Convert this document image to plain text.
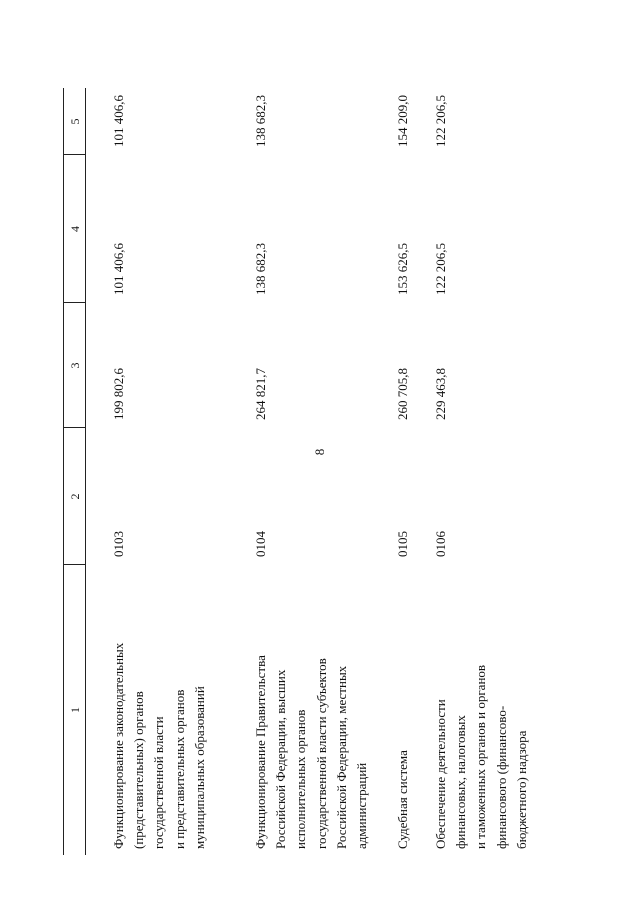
8
1
2
3
4
5
Функционирование законодательных (представительных) органов государственной власти и представительных органов муниципальных образований
0103
199 802,6
101 406,6
101 406,6
Функционирование Правительства Российской Федерации, высших исполнительных органов государственной власти субъектов Российской Федерации, местных администраций
0104
264 821,7
138 682,3
138 682,3
Судебная система
0105
260 705,8
153 626,5
154 209,0
Обеспечение деятельности финансовых, налоговых и таможенных органов и органов финансового (финансово- бюджетного) надзора
0106
229 463,8
122 206,5
122 206,5
